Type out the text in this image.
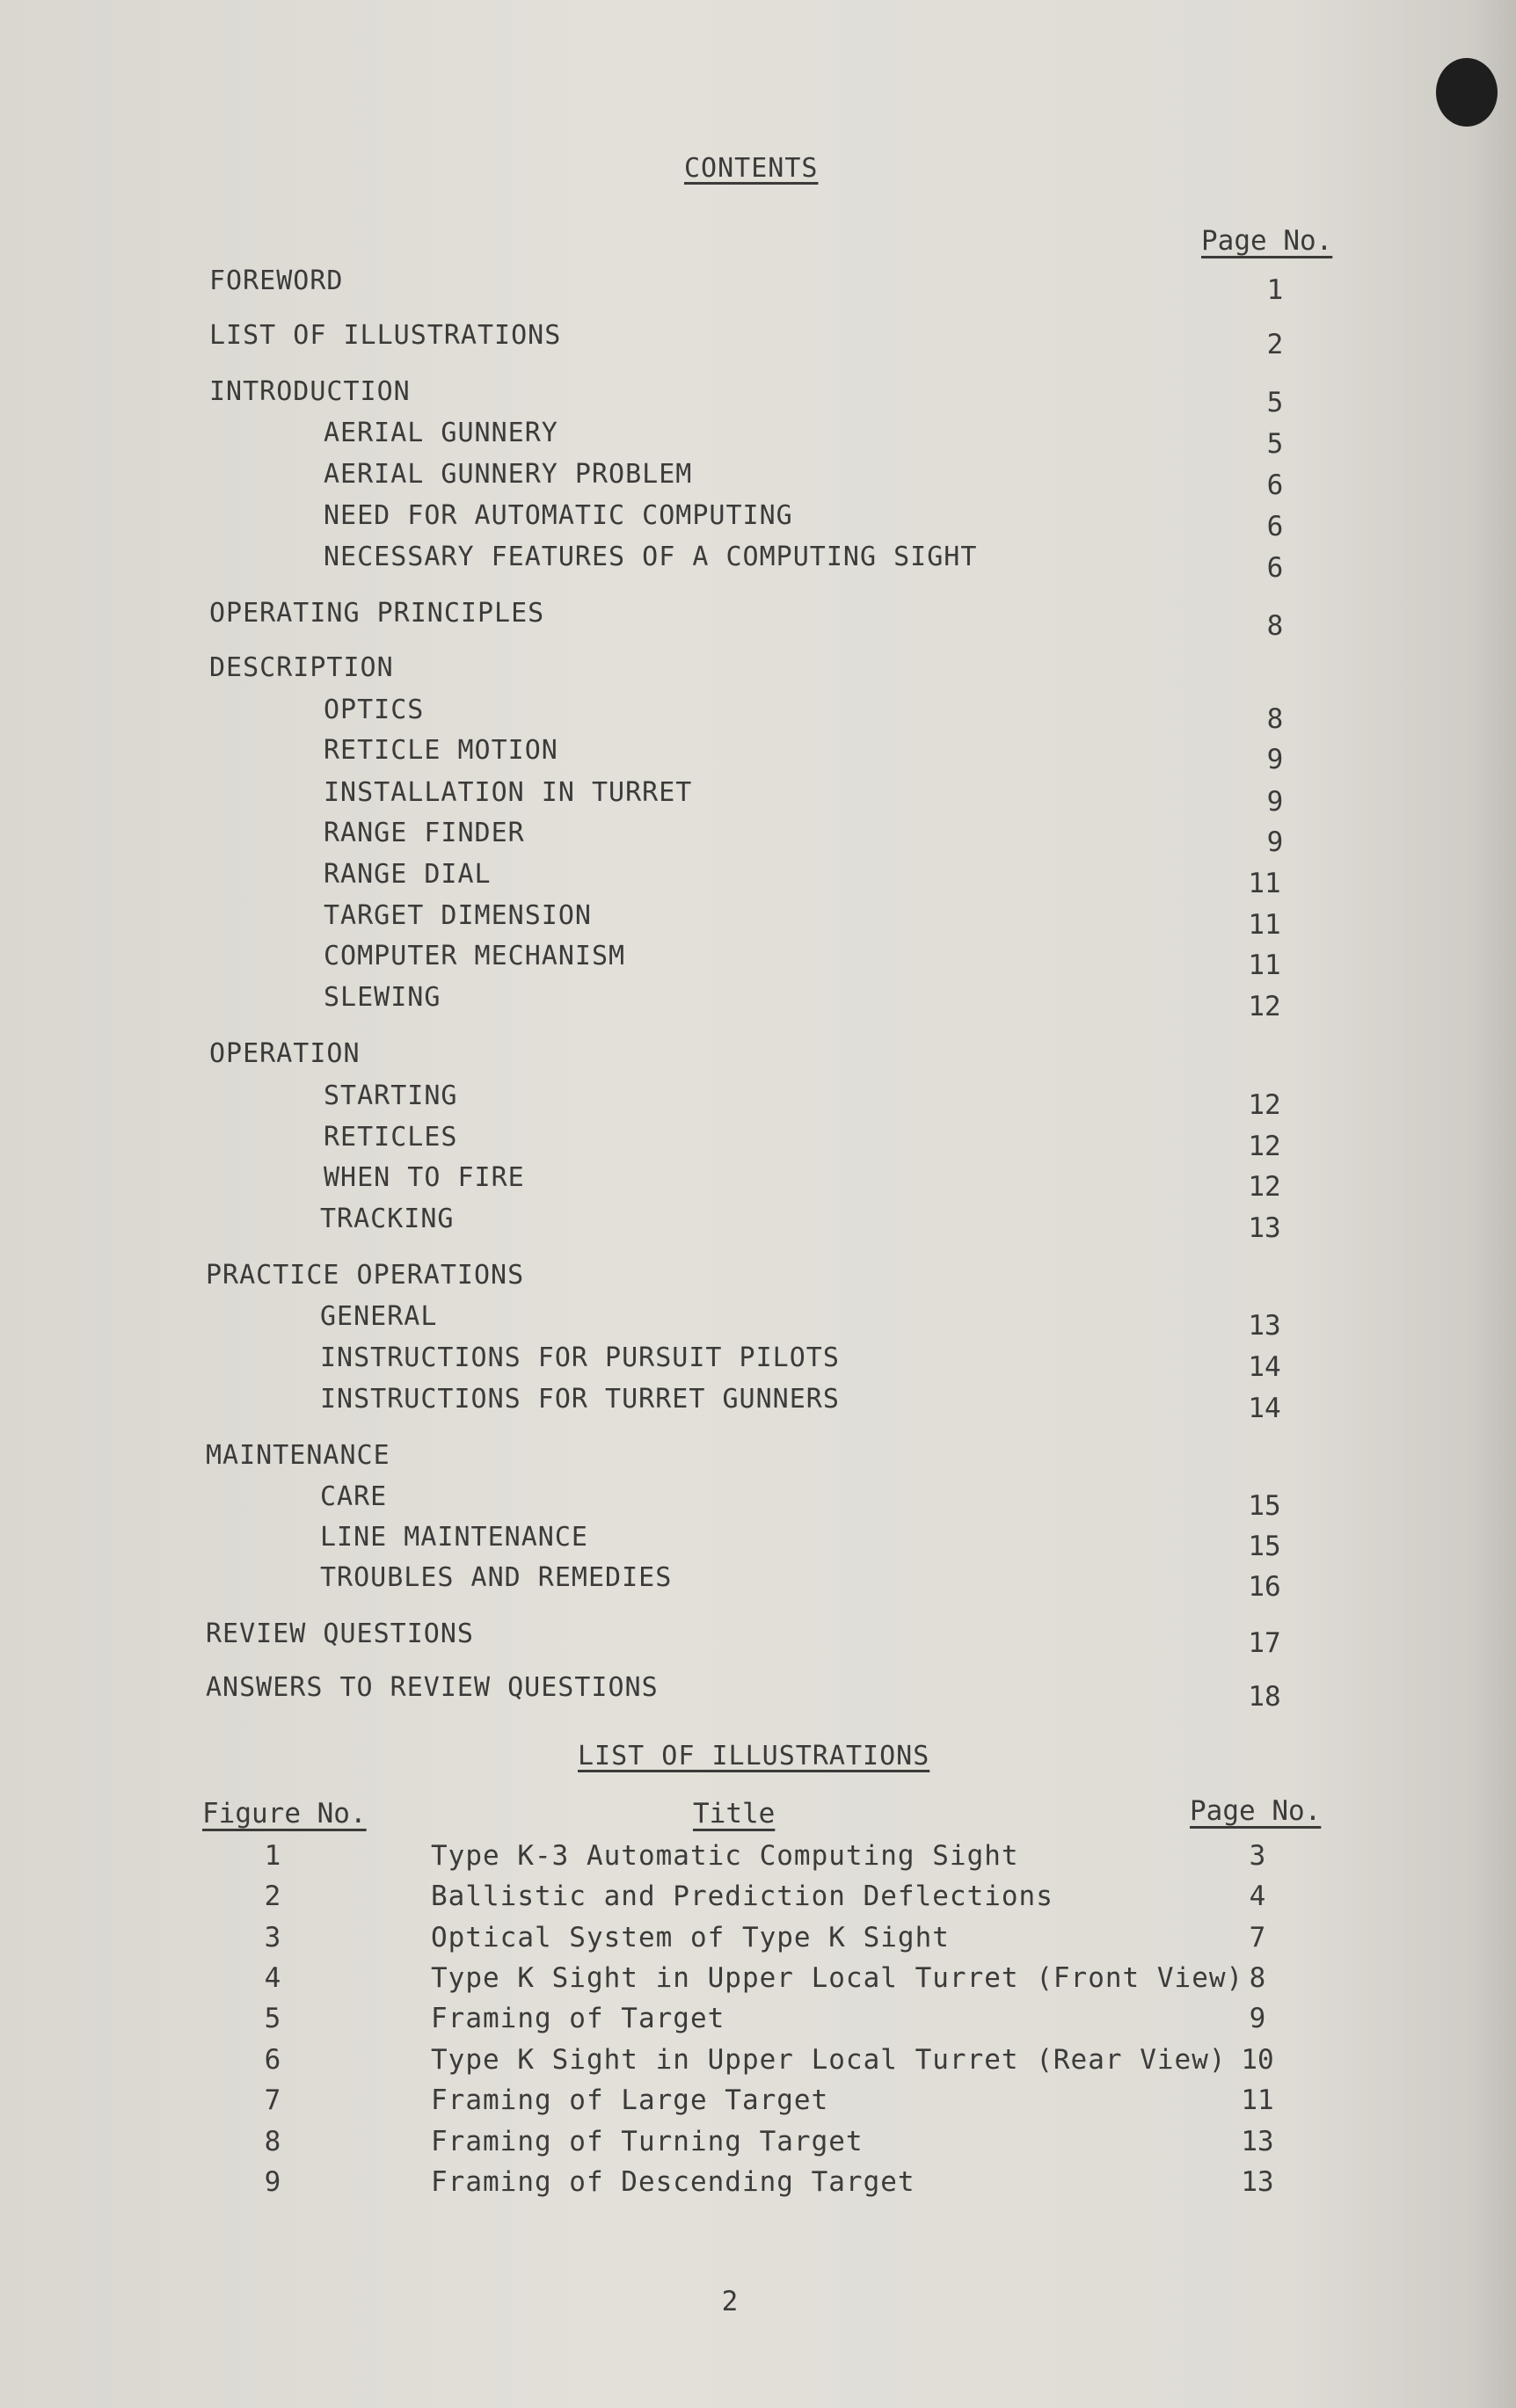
CONTENTS
Page No.
FOREWORD	1
LIST OF ILLUSTRATIONS	2
INTRODUCTION	5
AERIAL GUNNERY	5
AERIAL GUNNERY PROBLEM	6
NEED FOR AUTOMATIC COMPUTING	6
NECESSARY FEATURES OF A COMPUTING SIGHT	6
OPERATING PRINCIPLES	8
DESCRIPTION
OPTICS	8
RETICLE MOTION	9
INSTALLATION IN TURRET	9
RANGE FINDER	9
RANGE DIAL	11
TARGET DIMENSION	11
COMPUTER MECHANISM	11
SLEWING	12
OPERATION
STARTING	12
RETICLES	12
WHEN TO FIRE	12
TRACKING	13
PRACTICE OPERATIONS
GENERAL	13
INSTRUCTIONS FOR PURSUIT PILOTS	14
INSTRUCTIONS FOR TURRET GUNNERS	14
MAINTENANCE
CARE	15
LINE MAINTENANCE	15
TROUBLES AND REMEDIES	16
REVIEW QUESTIONS	17
ANSWERS TO REVIEW QUESTIONS	18
LIST OF ILLUSTRATIONS
Figure No.	Title	Page No.
1	Type K-3 Automatic Computing Sight	3
2	Ballistic and Prediction Deflections	4
3	Optical System of Type K Sight	7
4	Type K Sight in Upper Local Turret (Front View) 8
5	Framing of Target	9
6	Type K Sight in Upper Local Turret (Rear View) 10
7	Framing of Large Target	11
8	Framing of Turning Target	13
9	Framing of Descending Target	13
2
